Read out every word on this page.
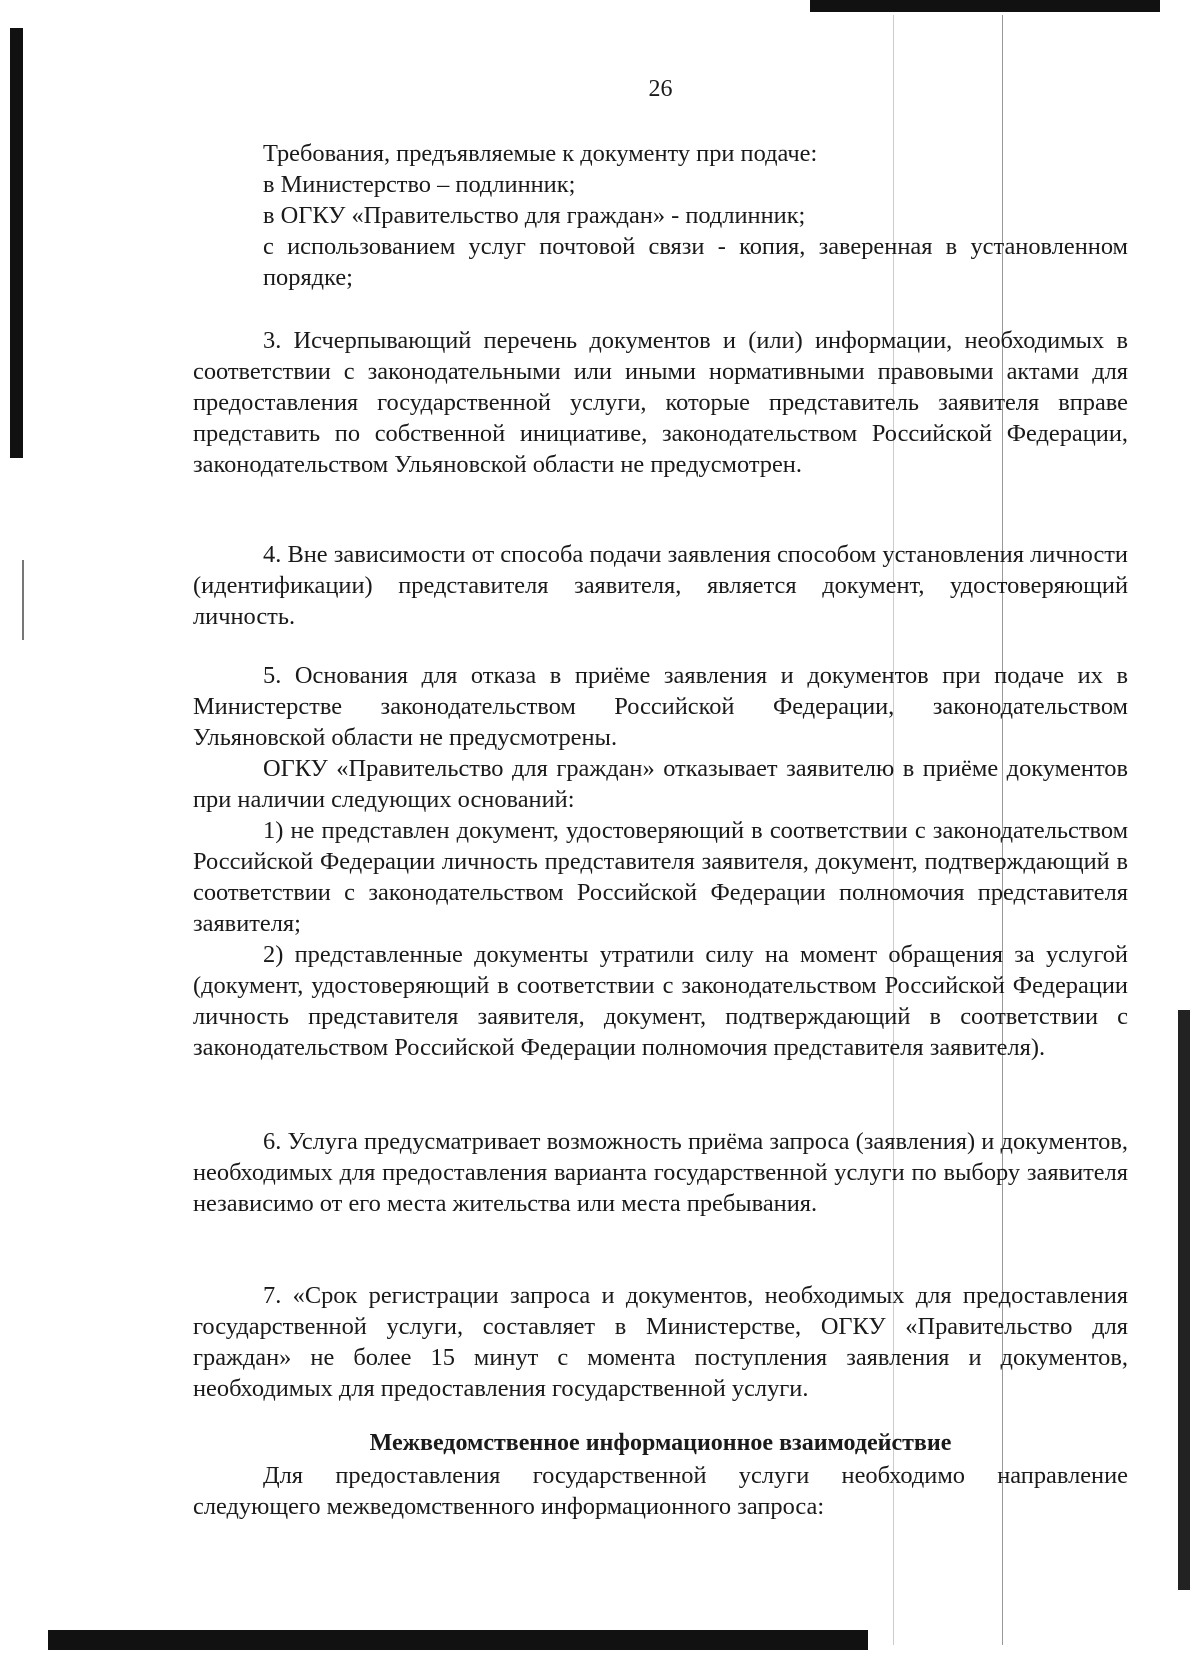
26

Требования, предъявляемые к документу при подаче:

в Министерство – подлинник;

в ОГКУ «Правительство для граждан» - подлинник;

с использованием услуг почтовой связи - копия, заверенная в установленном порядке;

3. Исчерпывающий перечень документов и (или) информации, необходимых в соответствии с законодательными или иными нормативными правовыми актами для предоставления государственной услуги, которые представитель заявителя вправе представить по собственной инициативе, законодательством Российской Федерации, законодательством Ульяновской области не предусмотрен.

4. Вне зависимости от способа подачи заявления способом установления личности (идентификации) представителя заявителя, является документ, удостоверяющий личность.

5. Основания для отказа в приёме заявления и документов при подаче их в Министерстве законодательством Российской Федерации, законодательством Ульяновской области не предусмотрены.

ОГКУ «Правительство для граждан» отказывает заявителю в приёме документов при наличии следующих оснований:

1) не представлен документ, удостоверяющий в соответствии с законодательством Российской Федерации личность представителя заявителя, документ, подтверждающий в соответствии с законодательством Российской Федерации полномочия представителя заявителя;

2) представленные документы утратили силу на момент обращения за услугой (документ, удостоверяющий в соответствии с законодательством Российской Федерации личность представителя заявителя, документ, подтверждающий в соответствии с законодательством Российской Федерации полномочия представителя заявителя).

6. Услуга предусматривает возможность приёма запроса (заявления) и документов, необходимых для предоставления варианта государственной услуги по выбору заявителя независимо от его места жительства или места пребывания.

7. «Срок регистрации запроса и документов, необходимых для предоставления государственной услуги, составляет в Министерстве, ОГКУ «Правительство для граждан» не более 15 минут с момента поступления заявления и документов, необходимых для предоставления государственной услуги.

Межведомственное информационное взаимодействие

Для предоставления государственной услуги необходимо направление следующего межведомственного информационного запроса:
